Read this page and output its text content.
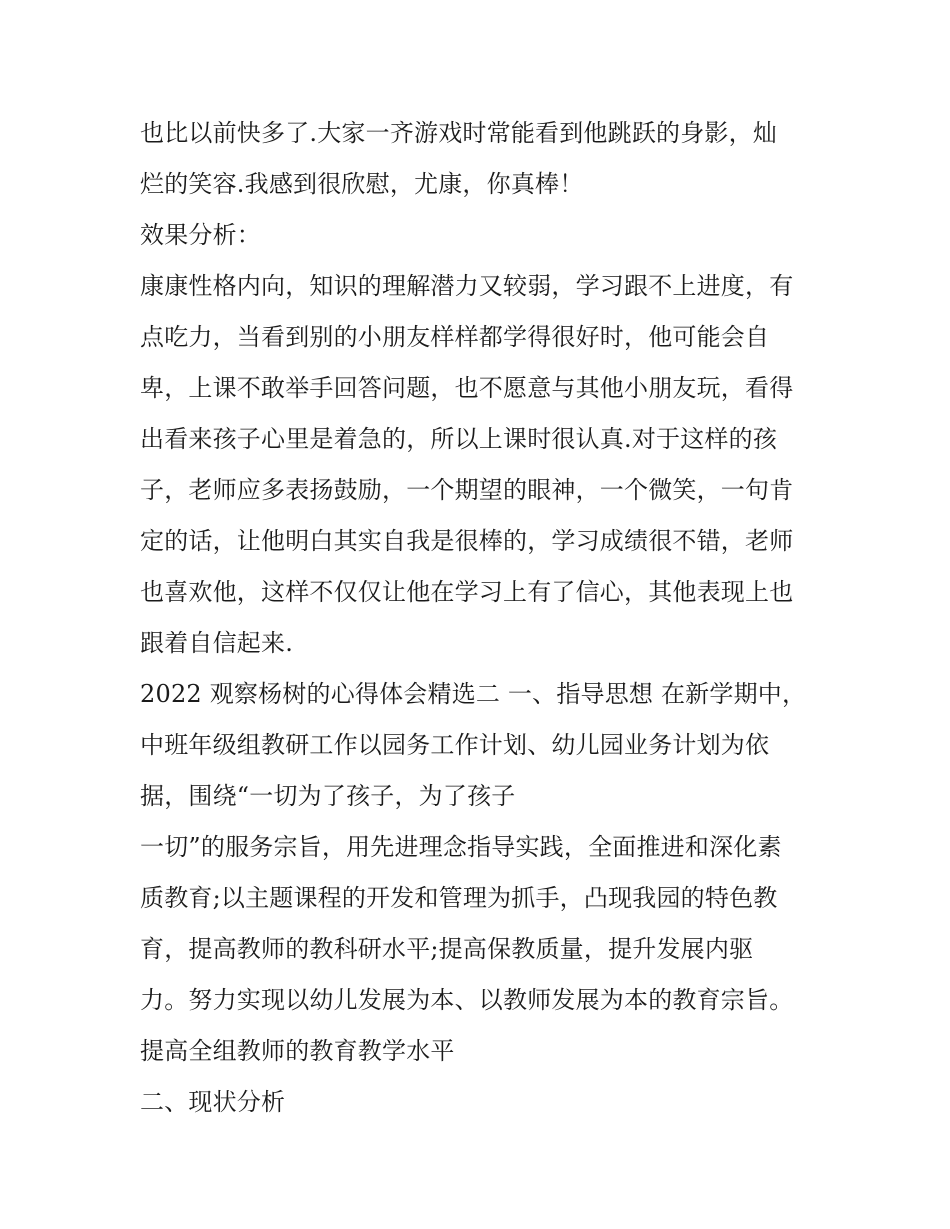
也比以前快多了.大家一齐游戏时常能看到他跳跃的身影，灿
烂的笑容.我感到很欣慰，尤康，你真棒！
效果分析：
康康性格内向，知识的理解潜力又较弱，学习跟不上进度，有
点吃力，当看到别的小朋友样样都学得很好时，他可能会自
卑，上课不敢举手回答问题，也不愿意与其他小朋友玩，看得
出看来孩子心里是着急的，所以上课时很认真.对于这样的孩
子，老师应多表扬鼓励，一个期望的眼神，一个微笑，一句肯
定的话，让他明白其实自我是很棒的，学习成绩很不错，老师
也喜欢他，这样不仅仅让他在学习上有了信心，其他表现上也
跟着自信起来.
2022 观察杨树的心得体会精选二 一、指导思想 在新学期中，
中班年级组教研工作以园务工作计划、幼儿园业务计划为依
据，围绕“一切为了孩子，为了孩子
一切”的服务宗旨，用先进理念指导实践，全面推进和深化素
质教育;以主题课程的开发和管理为抓手，凸现我园的特色教
育，提高教师的教科研水平;提高保教质量，提升发展内驱
力。努力实现以幼儿发展为本、以教师发展为本的教育宗旨。
提高全组教师的教育教学水平
二、现状分析
